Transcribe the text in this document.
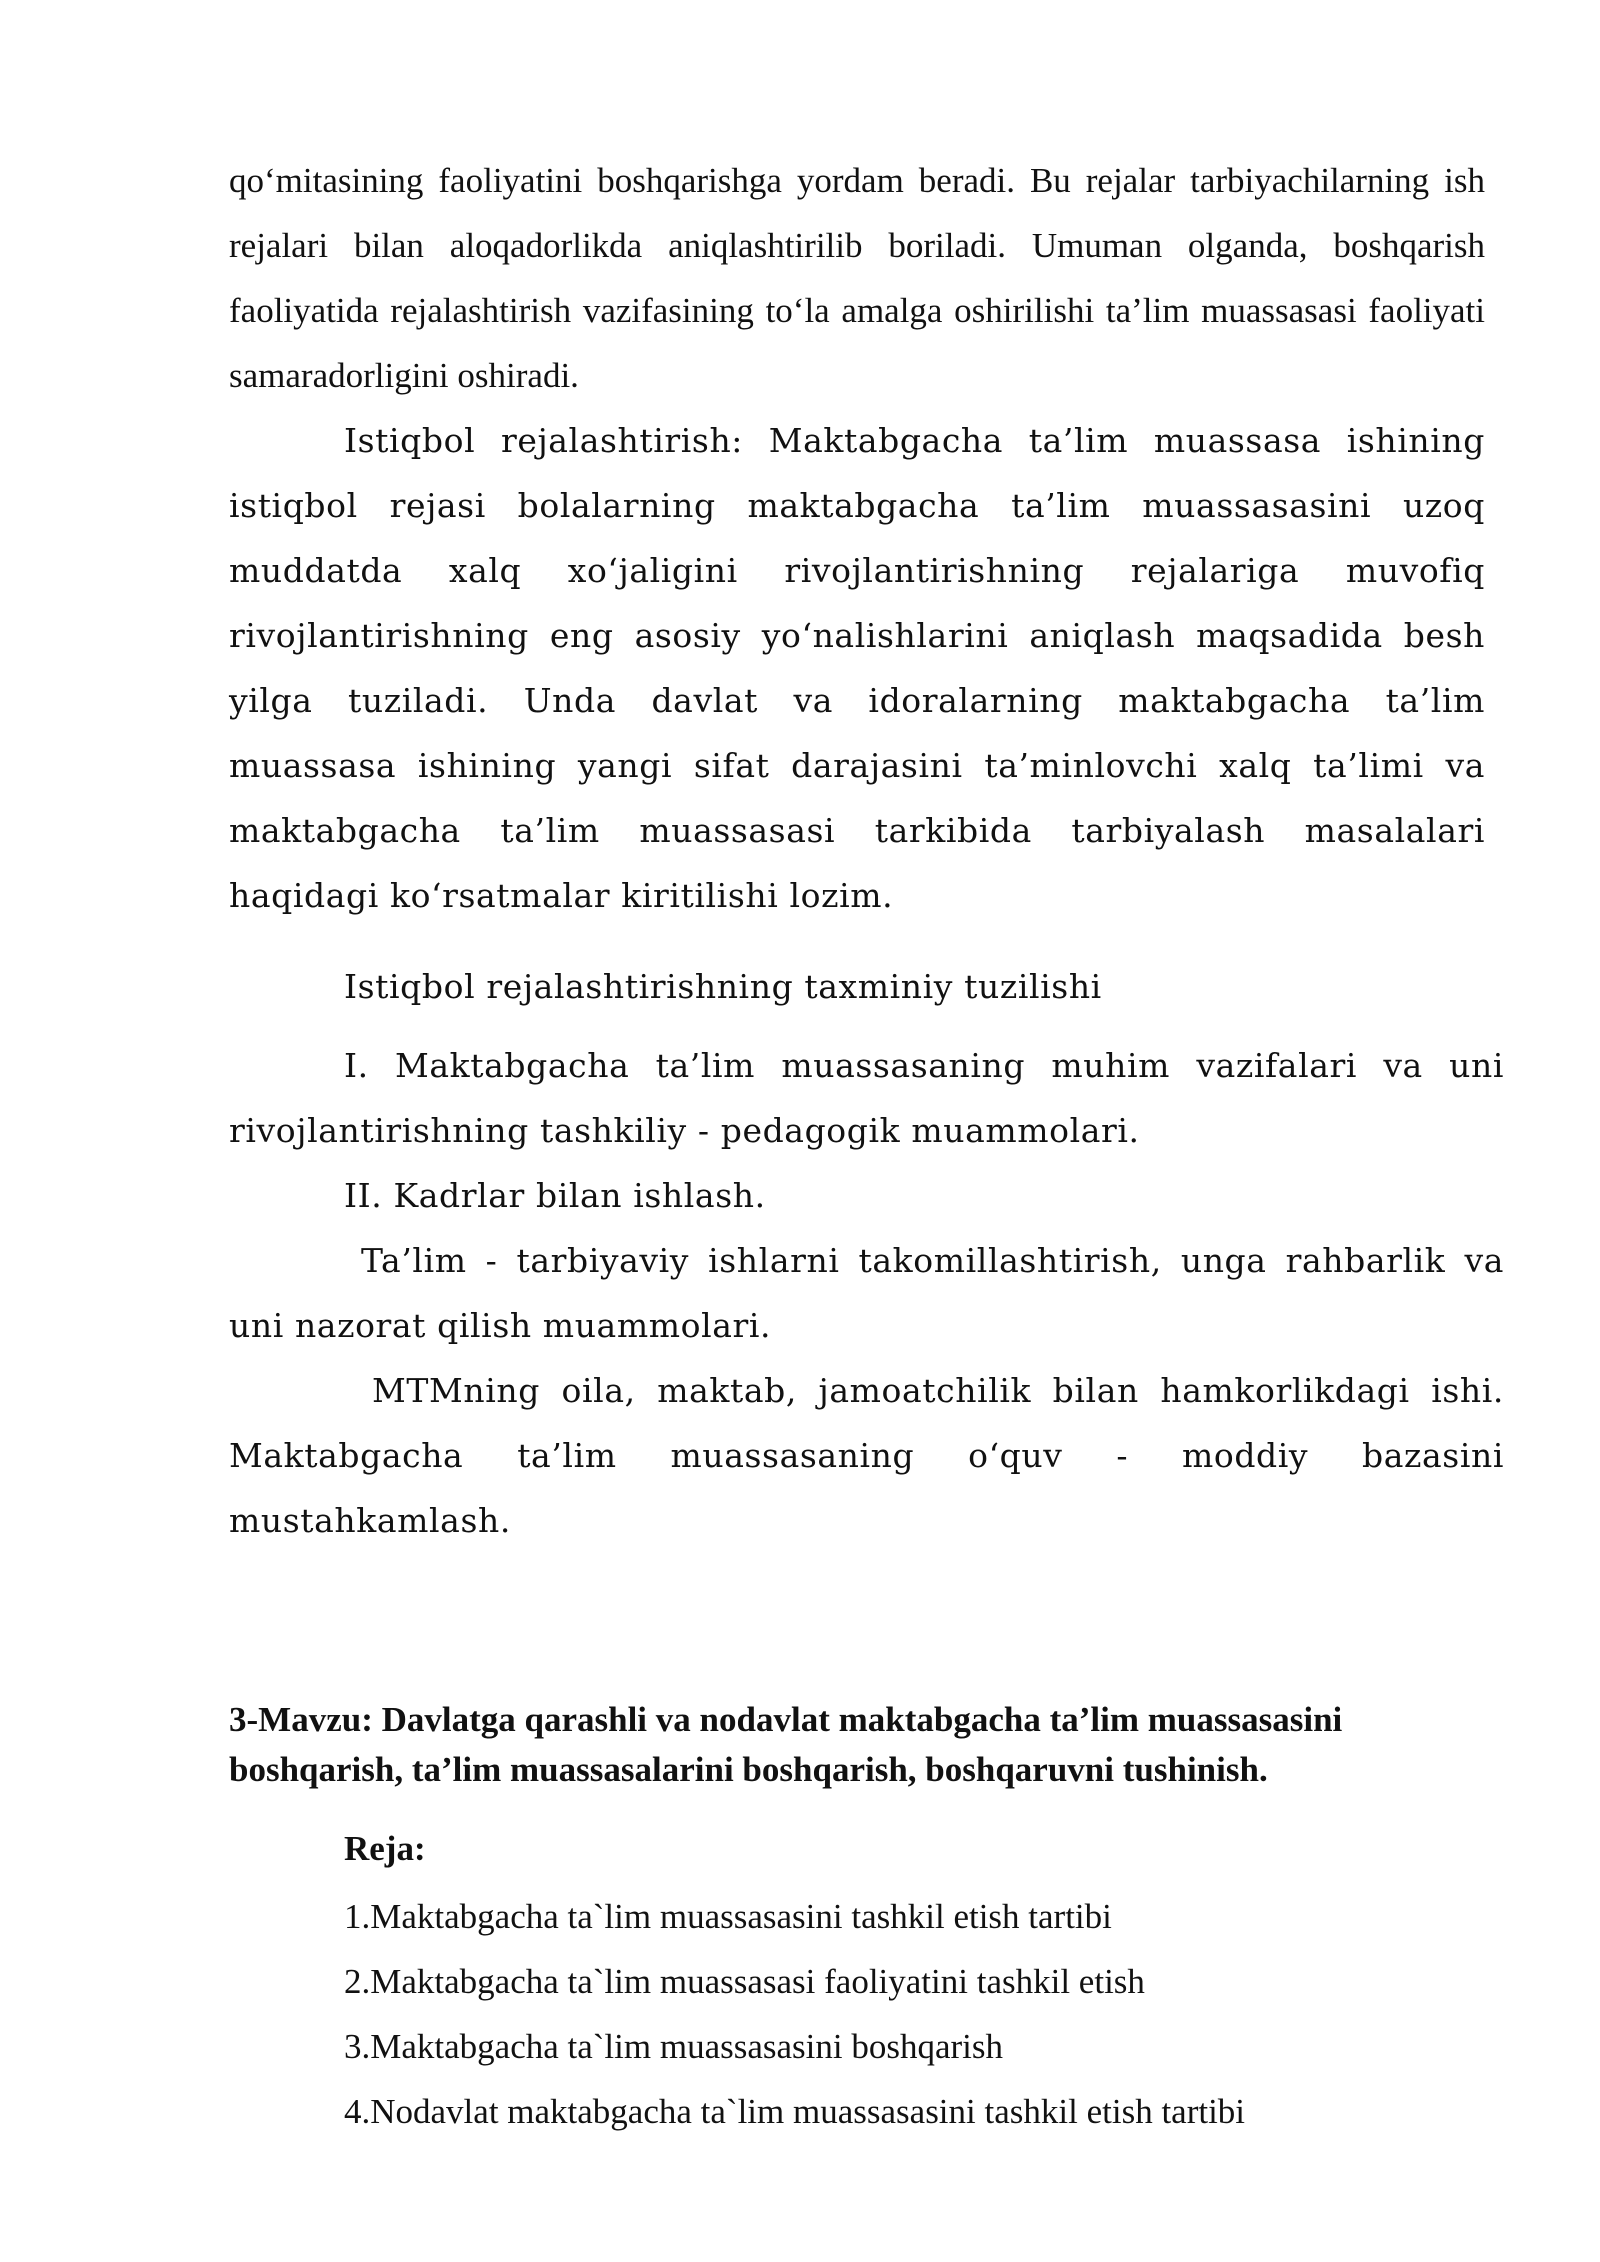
qo‘mitasining faoliyatini boshqarishga yordam beradi. Bu rejalar tarbiyachilarning ish rejalari bilan aloqadorlikda aniqlashtirilib boriladi. Umuman olganda, boshqarish faoliyatida rejalashtirish vazifasining to‘la amalga oshirilishi ta’lim muassasasi faoliyati samaradorligini oshiradi.

Istiqbol rejalashtirish: Maktabgacha ta’lim muassasa ishining istiqbol rejasi bolalarning maktabgacha ta’lim muassasasini uzoq muddatda xalq xo‘jaligini rivojlantirishning rejalariga muvofiq rivojlantirishning eng asosiy yo‘nalishlarini aniqlash maqsadida besh yilga tuziladi. Unda davlat va idoralarning maktabgacha ta’lim muassasa ishining yangi sifat darajasini ta’minlovchi xalq ta’limi va maktabgacha ta’lim muassasasi tarkibida tarbiyalash masalalari haqidagi ko‘rsatmalar kiritilishi lozim.

Istiqbol rejalashtirishning taxminiy tuzilishi

I. Maktabgacha ta’lim muassasaning muhim vazifalari va uni rivojlantirishning tashkiliy - pedagogik muammolari.

II. Kadrlar bilan ishlash.

Ta’lim - tarbiyaviy ishlarni takomillashtirish, unga rahbarlik va uni nazorat qilish muammolari.

MTMning oila, maktab, jamoatchilik bilan hamkorlikdagi ishi. Maktabgacha ta’lim muassasaning o‘quv - moddiy bazasini mustahkamlash.

3-Mavzu: Davlatga qarashli va nodavlat maktabgacha ta’lim muassasasini boshqarish, ta’lim muassasalarini boshqarish, boshqaruvni tushinish.
Reja:
1.Maktabgacha ta`lim muassasasini tashkil etish tartibi
2.Maktabgacha ta`lim muassasasi faoliyatini tashkil etish
3.Maktabgacha ta`lim muassasasini boshqarish
4.Nodavlat maktabgacha ta`lim muassasasini tashkil etish tartibi
